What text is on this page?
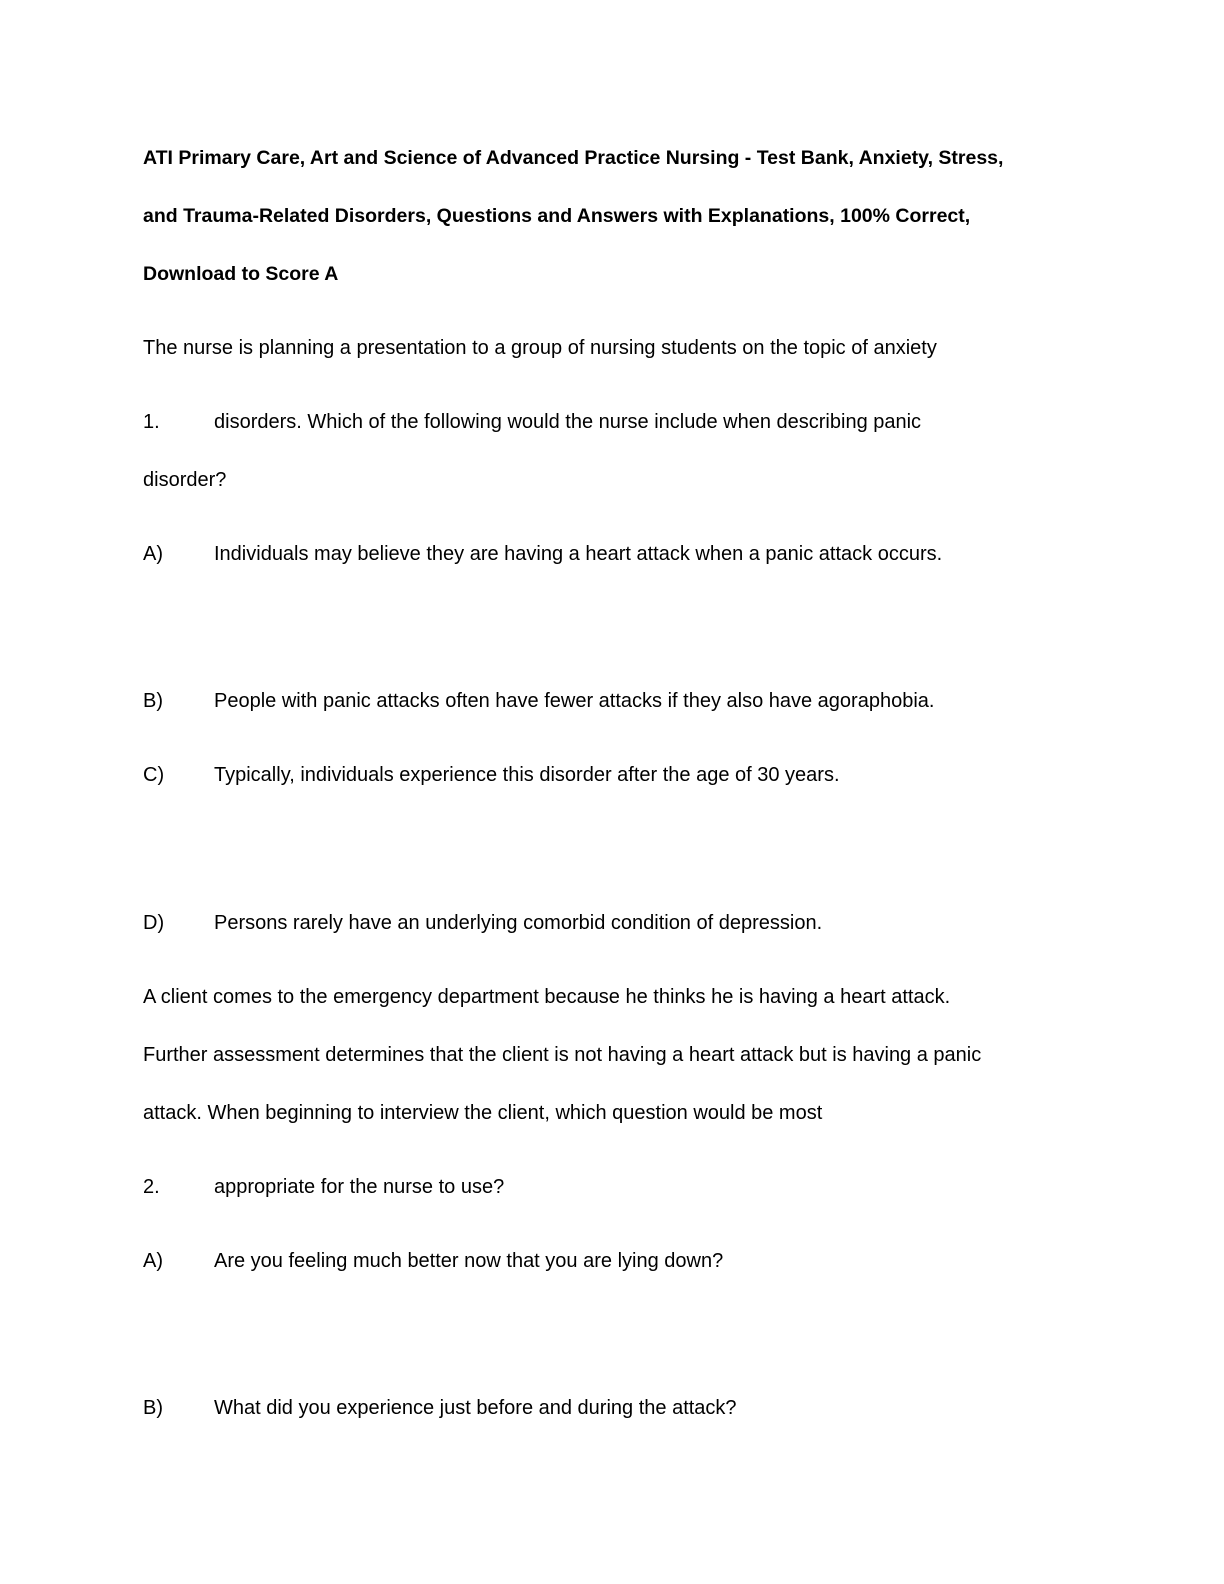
ATI Primary Care, Art and Science of Advanced Practice Nursing - Test Bank, Anxiety, Stress,
and Trauma-Related Disorders, Questions and Answers with Explanations, 100% Correct,
Download to Score A
The nurse is planning a presentation to a group of nursing students on the topic of anxiety
1.	disorders. Which of the following would the nurse include when describing panic
disorder?
A)	Individuals may believe they are having a heart attack when a panic attack occurs.
B)	People with panic attacks often have fewer attacks if they also have agoraphobia.
C) Typically, individuals experience this disorder after the age of 30 years.
D) Persons rarely have an underlying comorbid condition of depression.
A client comes to the emergency department because he thinks he is having a heart attack.
Further assessment determines that the client is not having a heart attack but is having a panic
attack. When beginning to interview the client, which question would be most
2.	appropriate for the nurse to use?
A)	Are you feeling much better now that you are lying down?
B)	What did you experience just before and during the attack?
